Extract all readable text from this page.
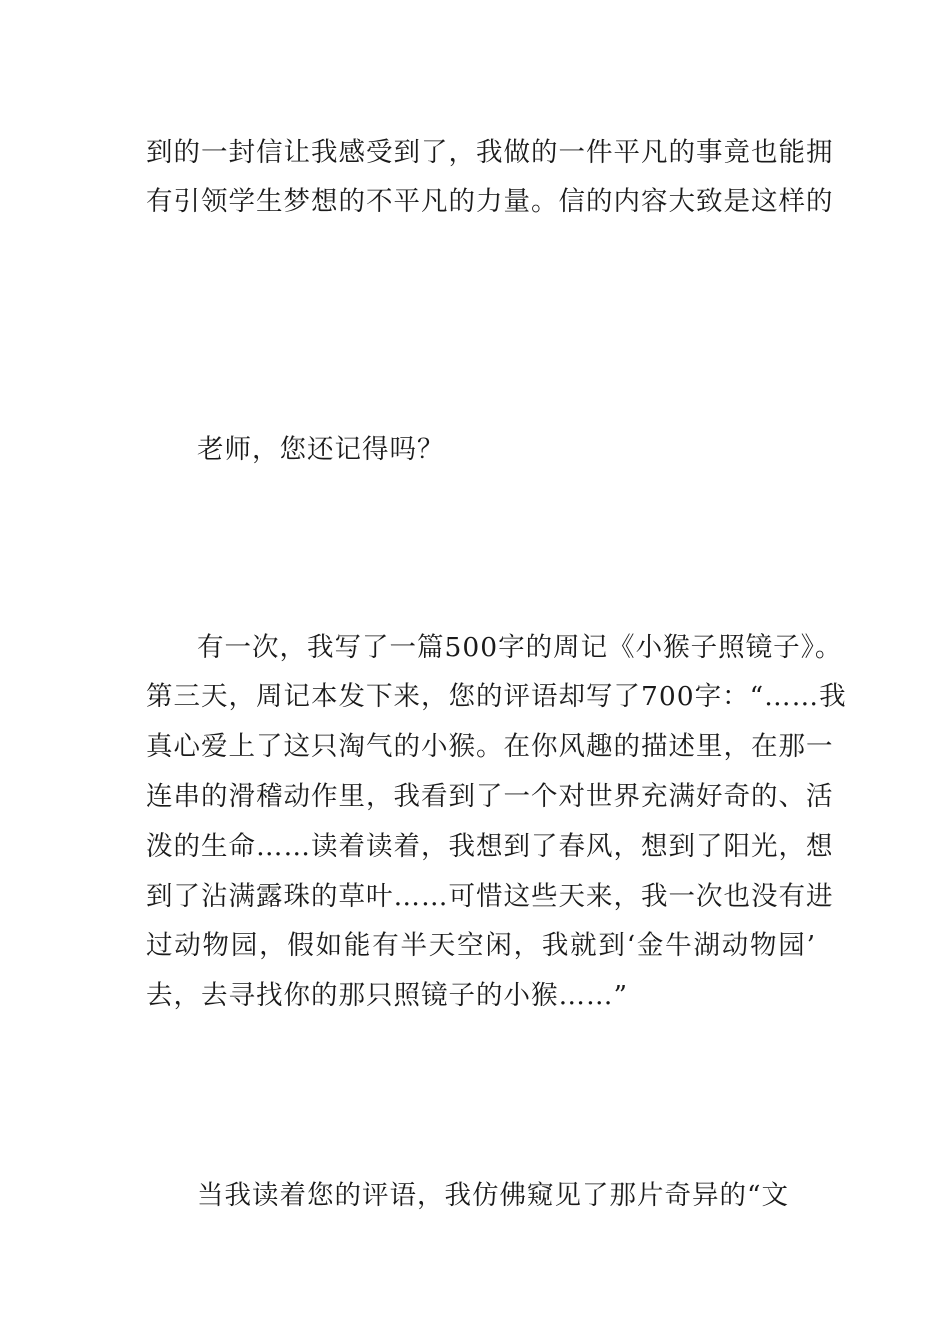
到的一封信让我感受到了，我做的一件平凡的事竟也能拥
有引领学生梦想的不平凡的力量。信的内容大致是这样的
老师，您还记得吗？
有一次，我写了一篇500字的周记《小猴子照镜子》。
第三天，周记本发下来，您的评语却写了700字：“……我
真心爱上了这只淘气的小猴。在你风趣的描述里，在那一
连串的滑稽动作里，我看到了一个对世界充满好奇的、活
泼的生命……读着读着，我想到了春风，想到了阳光，想
到了沾满露珠的草叶……可惜这些天来，我一次也没有进
过动物园，假如能有半天空闲，我就到‘金牛湖动物园’
去，去寻找你的那只照镜子的小猴……”
当我读着您的评语，我仿佛窥见了那片奇异的“文
